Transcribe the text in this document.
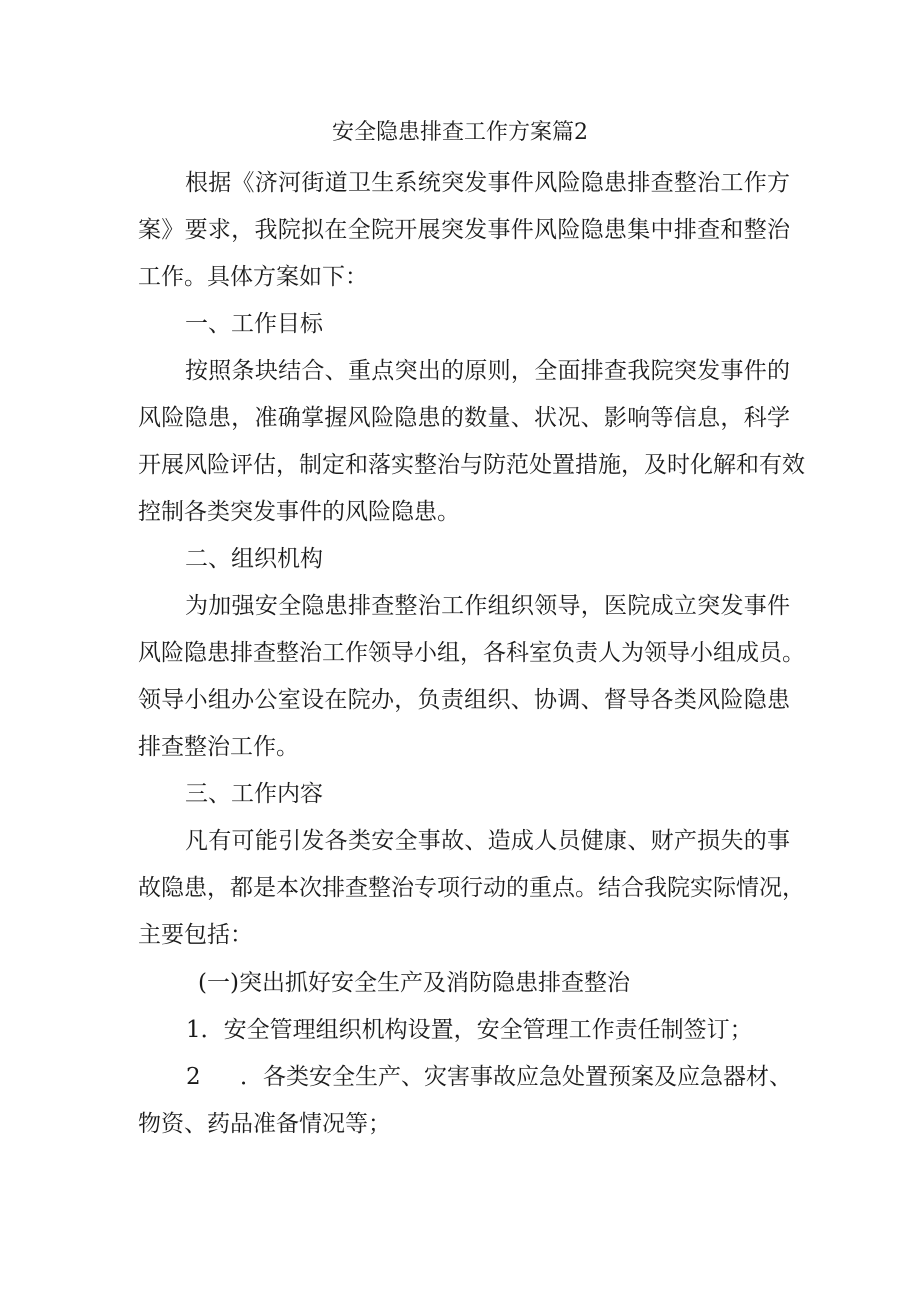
安全隐患排查工作方案篇2
根据《济河街道卫生系统突发事件风险隐患排查整治工作方
案》要求，我院拟在全院开展突发事件风险隐患集中排查和整治
工作。具体方案如下：
一、工作目标
按照条块结合、重点突出的原则，全面排查我院突发事件的
风险隐患，准确掌握风险隐患的数量、状况、影响等信息，科学
开展风险评估，制定和落实整治与防范处置措施，及时化解和有效
控制各类突发事件的风险隐患。
二、组织机构
为加强安全隐患排查整治工作组织领导，医院成立突发事件
风险隐患排查整治工作领导小组，各科室负责人为领导小组成员。
领导小组办公室设在院办，负责组织、协调、督导各类风险隐患
排查整治工作。
三、工作内容
凡有可能引发各类安全事故、造成人员健康、财产损失的事
故隐患，都是本次排查整治专项行动的重点。结合我院实际情况，
主要包括：
(一)突出抓好安全生产及消防隐患排查整治
1．安全管理组织机构设置，安全管理工作责任制签订；
2 ．各类安全生产、灾害事故应急处置预案及应急器材、
物资、药品准备情况等；
